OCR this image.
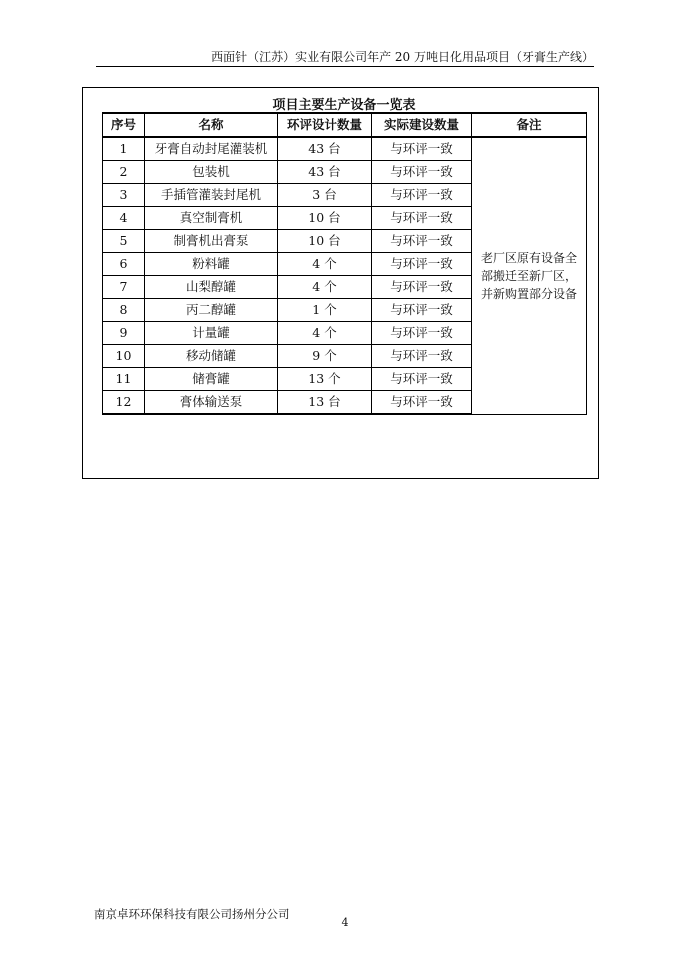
西面针（江苏）实业有限公司年产 20 万吨日化用品项目（牙膏生产线）
项目主要生产设备一览表
序号	名称	环评设计数量	实际建设数量	备注
1	牙膏自动封尾灌装机	43 台	与环评一致	老厂区原有设备全部搬迁至新厂区，并新购置部分设备
2	包装机	43 台	与环评一致	
3	手插管灌装封尾机	3 台	与环评一致	
4	真空制膏机	10 台	与环评一致	
5	制膏机出膏泵	10 台	与环评一致	
6	粉料罐	4 个	与环评一致	
7	山梨醇罐	4 个	与环评一致	
8	丙二醇罐	1 个	与环评一致	
9	计量罐	4 个	与环评一致	
10	移动储罐	9 个	与环评一致	
11	储膏罐	13 个	与环评一致	
12	膏体输送泵	13 台	与环评一致	
南京卓环环保科技有限公司扬州分公司
4
